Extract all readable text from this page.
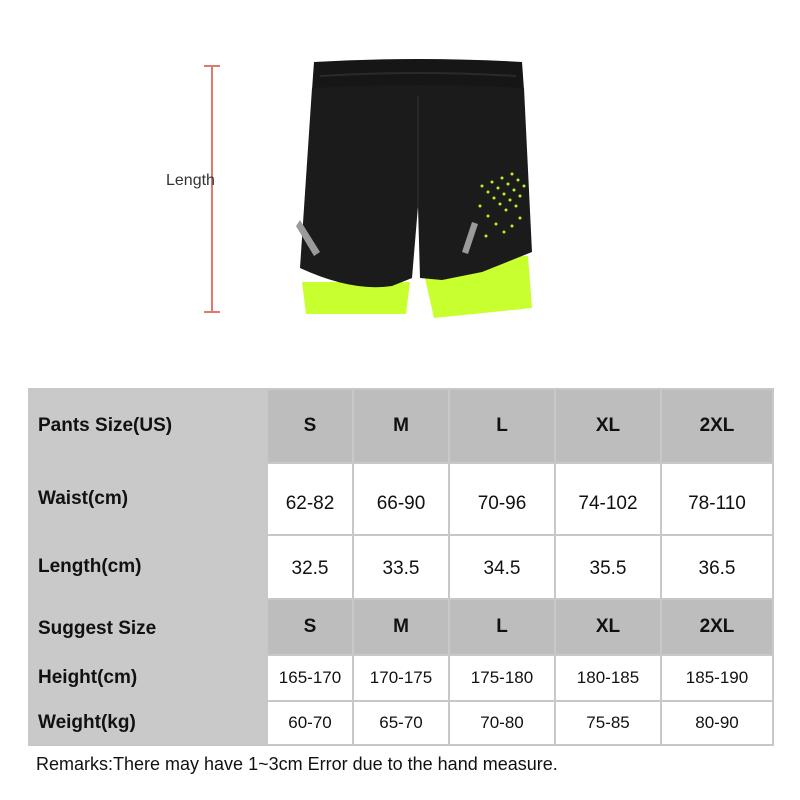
Length
Pants Size(US)	S	M	L	XL	2XL
Waist(cm)	62-82	66-90	70-96	74-102	78-110
Length(cm)	32.5	33.5	34.5	35.5	36.5
Suggest Size	S	M	L	XL	2XL
Height(cm)	165-170	170-175	175-180	180-185	185-190
Weight(kg)	60-70	65-70	70-80	75-85	80-90
Remarks:There may have 1~3cm Error due to the hand measure.
